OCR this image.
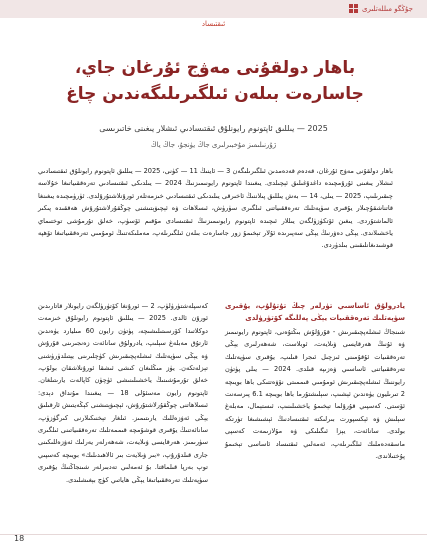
جۇڭگو مىللەتلىرى
ئىقتىساد
باھار دولقۇنى مەۋج ئۇرغان جاي، جاسارەت بىلەن ئىلگىرىلىگەندىن چاغ
2025 — يىللىق ئاپتونوم رايونلۇق ئىقتىسادىي ئىشلار يىغىنى خاتىرىسى
ژۇرنىلىمىز مۇخبىرلىرى جاڭ يۈنجۇ، جاڭ ياڭ
باھار دولقۇنى مەۋج ئۇرغان، قەدەم قەدەمدىن ئىلگىرىلىگەن 3 — ئاينىڭ 11 — كۈنى، 2025 — يىللىق ئاپتونوم رايونلۇق ئىقتىسادىي ئىشلار يىغىنى ئۇرۇمچىدە داغدۇغىلىق ئېچىلدى. يىغىندا ئاپتونوم رايونىمىزنىڭ 2024 — يىلدىكى ئىقتىسادىي تەرەققىياتىغا خۇلاسە چىقىرىلىپ، 2025 — يىلى، 14 — بەش يىللىق پىلاننىڭ ئاخىرقى يىلىدىكى ئىقتىسادىي خىزمەتلەر ئورۇنلاشتۇرۇلدى. ئۈرۈمچىدە يىغىنغا قاتناشقۇچىلار يۇقىرى سۈپەتلىك تەرەققىياتنى ئىلگىرى سۈرۈش، ئىسلاھات ۋە ئېچىۋېتىشنى چوڭقۇرلاشتۇرۇش ھەققىدە پىكىر ئالماشتۇردى. يىغىن ئۆتكۈزۈلگەن يىللار ئىچىدە ئاپتونوم رايونىمىزنىڭ ئىقتىسادى مۇقىم ئۆسۈپ، خەلق تۇرمۇشى توختىماي ياخشىلاندى. يېڭى دەۋرنىڭ يېڭى سەپىرىدە ئۇلار تېخىمۇ زور جاسارەت بىلەن ئىلگىرىلەپ، مەملىكەتنىڭ ئومۇمىي تەرەققىياتىغا تۆھپە قوشىدىغانلىقىنى بىلدۈردى.
يادرولۇق ئاساسىي تۈرلەر چىڭ تۇتۇلۇپ، يۇقىرى سۈپەتلىك تەرەققىيات يېڭى پەللىگە كۆتۈرۈلدى
شىنجاڭ ئىشلەپچىقىرىش - قۇرۇلۇش بىڭتۇەنى، ئاپتونوم رايونىمىز ۋە ئۇنىڭ ھەرقايسى ۋىلايەت، ئوبلاست، شەھەرلىرى يېڭى تەرەققىيات ئۇقۇمىنى ئىزچىل ئىجرا قىلىپ، يۇقىرى سۈپەتلىك تەرەققىياتنى ئاساسىي ۋەزىپە قىلدى. 2024 — يىلى پۈتۈن رايوننىڭ ئىشلەپچىقىرىش ئومۇمىي قىممىتى نۆۋەتتىكى باھا بويىچە 2 تىرىليون يۈەندىن ئېشىپ، سېلىشتۇرما باھا بويىچە 6.1 پىرسەنت ئۆستى. كەسپىي قۇرۇلما تېخىمۇ ياخشىلىنىپ، ئىستېمال، مەبلەغ سېلىش ۋە ئېكسپورت بىرلىكتە ئىقتىسادنىڭ ئېشىشىغا تۈرتكە بولدى. سانائەت، يېزا ئىگىلىكى ۋە مۇلازىمەت كەسپى ماسقەدەملىك ئىلگىرىلەپ، ئەمەلىي ئىقتىساد ئاساسى تېخىمۇ پۇختىلاندى.
كەسپلەشتۈرۈلۈپ، 2 — ئورۇنغا كۆتۈرۈلگەن رايونلار قاتارىدىن ئورۇن ئالدى. 2025 — يىللىق ئاپتونوم رايونلۇق خىزمەت دوكلاتىدا كۆرسىتىلىشىچە، پۈتۈن رايون 60 مىليارد يۈەندىن ئارتۇق مەبلەغ سېلىپ، يادرولۇق سانائەت زەنجىرىنى قۇرۇش ۋە يېڭى سۈپەتلىك ئىشلەپچىقىرىش كۈچلىرىنى يېتىلدۈرۈشنى تېزلەتكەن. يۈز مىڭلىغان كىشى ئىشقا ئورۇنلاشقان بولۇپ، خەلق تۇرمۇشىنىڭ ياخشىلىنىشى ئۈچۈن كاپالەت يارىتىلغان. ئاپتونوم رايون مەسئۇلى 18 — يىغىندا مۇنداق دېدى: ئىسلاھاتنى چوڭقۇرلاشتۇرۇش، ئېچىۋېتىشنى كېڭەيتىش ئارقىلىق يېڭى ئەۋزەللىك يارىتىمىز. ئىلغار تېخنىكىلارنى كىرگۈزۈپ، سانائەتنىڭ يۇقىرى قوشۇمچە قىممەتلىك تەرەققىياتىنى ئىلگىرى سۈرىمىز. ھەرقايسى ۋىلايەت، شەھەرلەر يەرلىك ئەۋزەللىكىنى جارى قىلدۇرۇپ، «بىر ۋىلايەت بىر ئالاھىدىلىك» بويىچە كەسپىي توپ بەرپا قىلماقتا. بۇ ئەمەلىي تەدبىرلەر شىنجاڭنىڭ يۇقىرى سۈپەتلىك تەرەققىياتىغا يېڭى ھاياتىي كۈچ بېغىشلىدى.
18
